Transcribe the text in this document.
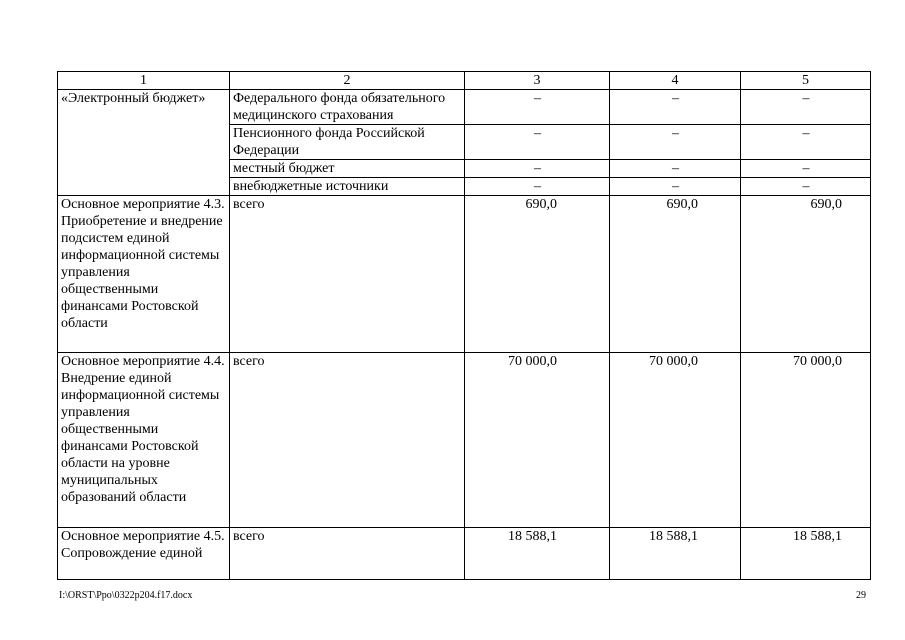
1	2	3	4	5
«Электронный бюджет»	Федерального фонда обязательного медицинского страхования	–	–	–
	Пенсионного фонда Российской Федерации	–	–	–
	местный бюджет	–	–	–
	внебюджетные источники	–	–	–
Основное мероприятие 4.3. Приобретение и внедрение подсистем единой информационной системы управления общественными финансами Ростовской области	всего	690,0	690,0	690,0
Основное мероприятие 4.4. Внедрение единой информационной системы управления общественными финансами Ростовской области на уровне муниципальных образований области	всего	70 000,0	70 000,0	70 000,0
Основное мероприятие 4.5. Сопровождение единой	всего	18 588,1	18 588,1	18 588,1
I:\ORST\Ppo\0322p204.f17.docx	29
